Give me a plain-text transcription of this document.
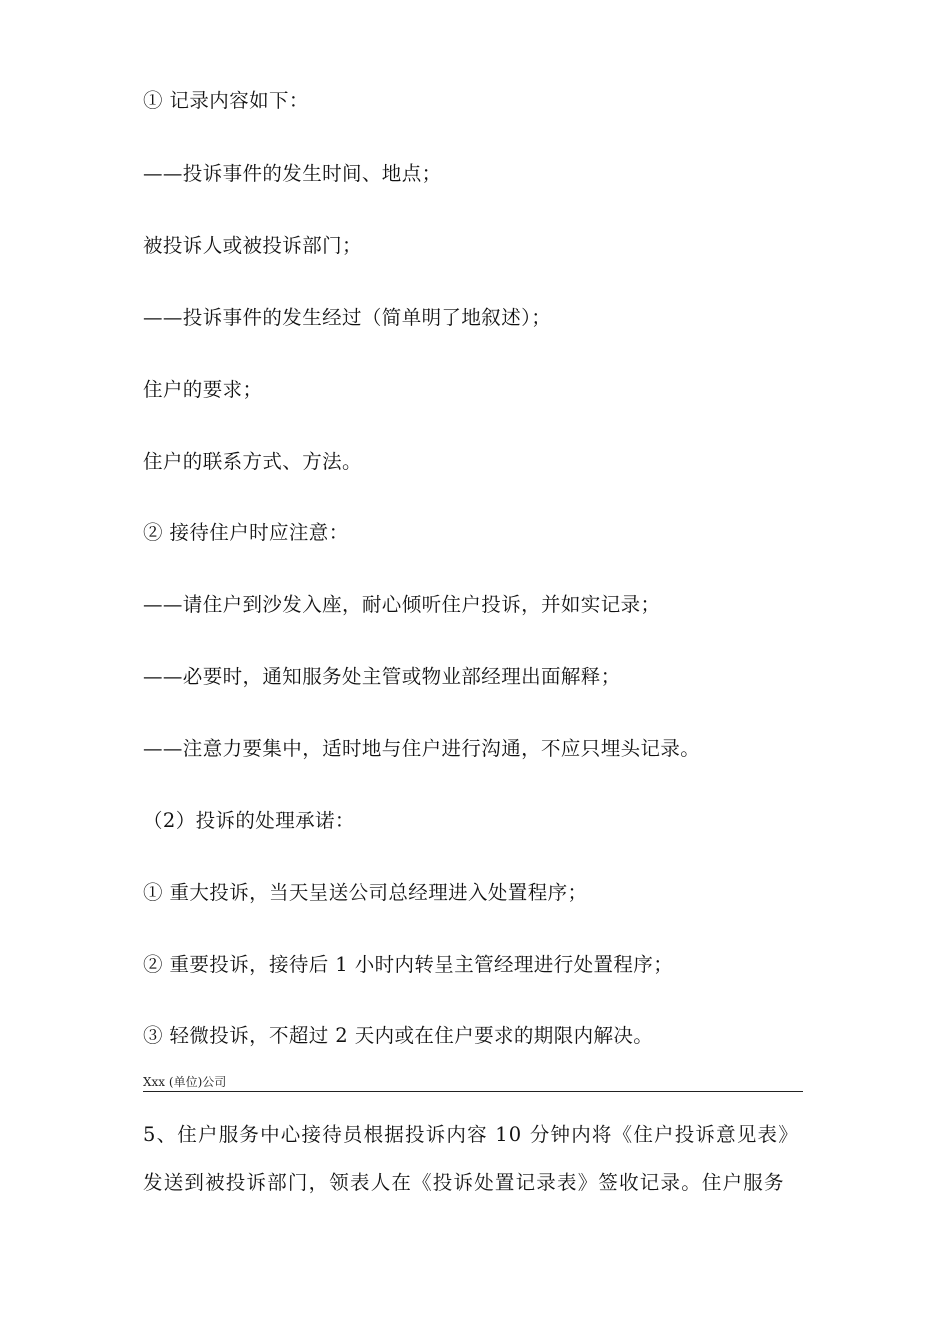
① 记录内容如下：
——投诉事件的发生时间、地点；
被投诉人或被投诉部门；
——投诉事件的发生经过（简单明了地叙述）；
住户的要求；
住户的联系方式、方法。
② 接待住户时应注意：
——请住户到沙发入座，耐心倾听住户投诉，并如实记录；
——必要时，通知服务处主管或物业部经理出面解释；
——注意力要集中，适时地与住户进行沟通，不应只埋头记录。
（2）投诉的处理承诺：
① 重大投诉，当天呈送公司总经理进入处置程序；
② 重要投诉，接待后 1 小时内转呈主管经理进行处置程序；
③ 轻微投诉，不超过 2 天内或在住户要求的期限内解决。
Xxx (单位)公司
5、住户服务中心接待员根据投诉内容 10 分钟内将《住户投诉意见表》
发送到被投诉部门，领表人在《投诉处置记录表》签收记录。住户服务
